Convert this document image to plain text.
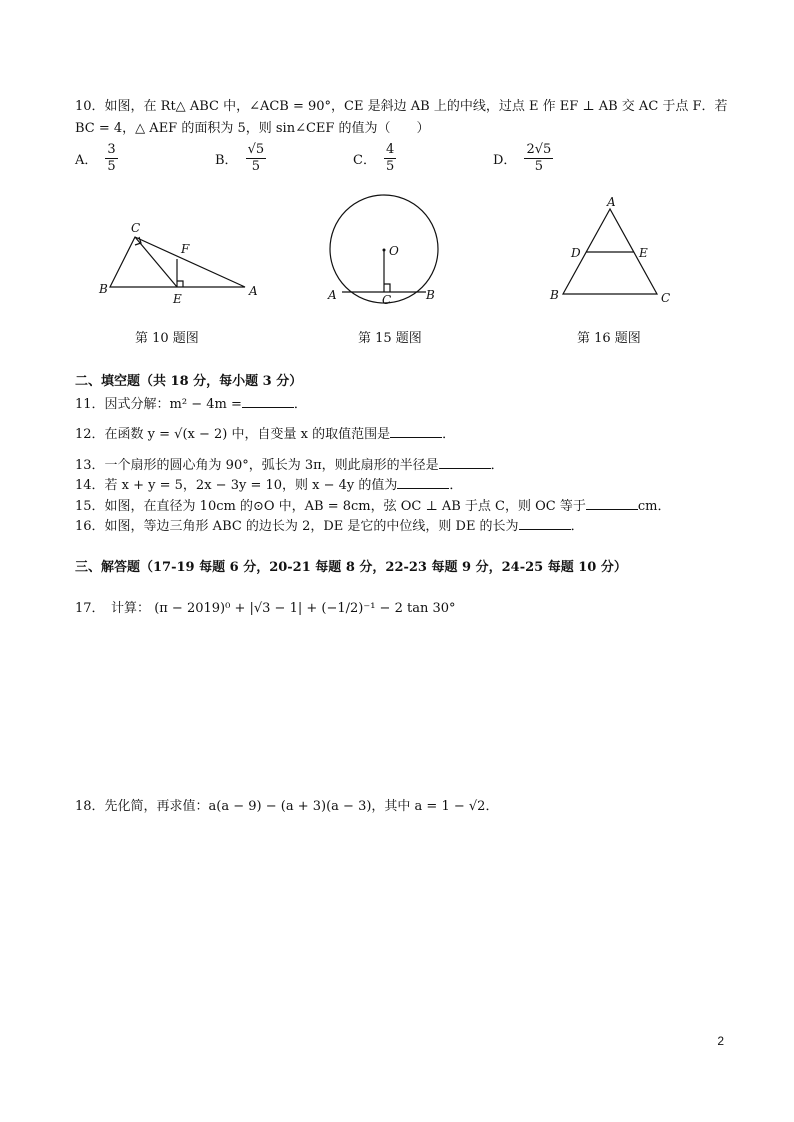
10．如图，在 Rt△ ABC 中，∠ACB = 90°，CE 是斜边 AB 上的中线，过点 E 作 EF ⊥ AB 交 AC 于点 F．若
BC = 4，△ AEF 的面积为 5，则 sin∠CEF 的值为（　　）
A． $\frac{3}{5}$	B． $\frac{√5}{5}$	C． $\frac{4}{5}$	D． $\frac{2√5}{5}$
C
F
B
E
A
O
A	C	B
A
D	E
B	C
第 10 题图	第 15 题图	第 16 题图
二、填空题（共 18 分，每小题 3 分）
11．因式分解：m² − 4m =	．
12．在函数 y = √(x − 2) 中，自变量 x 的取值范围是	．
13．一个扇形的圆心角为 90°，弧长为 3π，则此扇形的半径是	．
14．若 x + y = 5，2x − 3y = 10，则 x − 4y 的值为	．
15．如图，在直径为 10cm 的⊙O 中，AB = 8cm，弦 OC ⊥ AB 于点 C，则 OC 等于	cm．
16．如图，等边三角形 ABC 的边长为 2，DE 是它的中位线，则 DE 的长为	．
三、解答题（17-19 每题 6 分，20-21 每题 8 分，22-23 每题 9 分，24-25 每题 10 分）
17．　计算： (π − 2019)⁰ + |√3 − 1| + (−1/2)⁻¹ − 2 tan 30°
18．先化简，再求值：a(a − 9) − (a + 3)(a − 3)，其中 a = 1 − √2．
2
